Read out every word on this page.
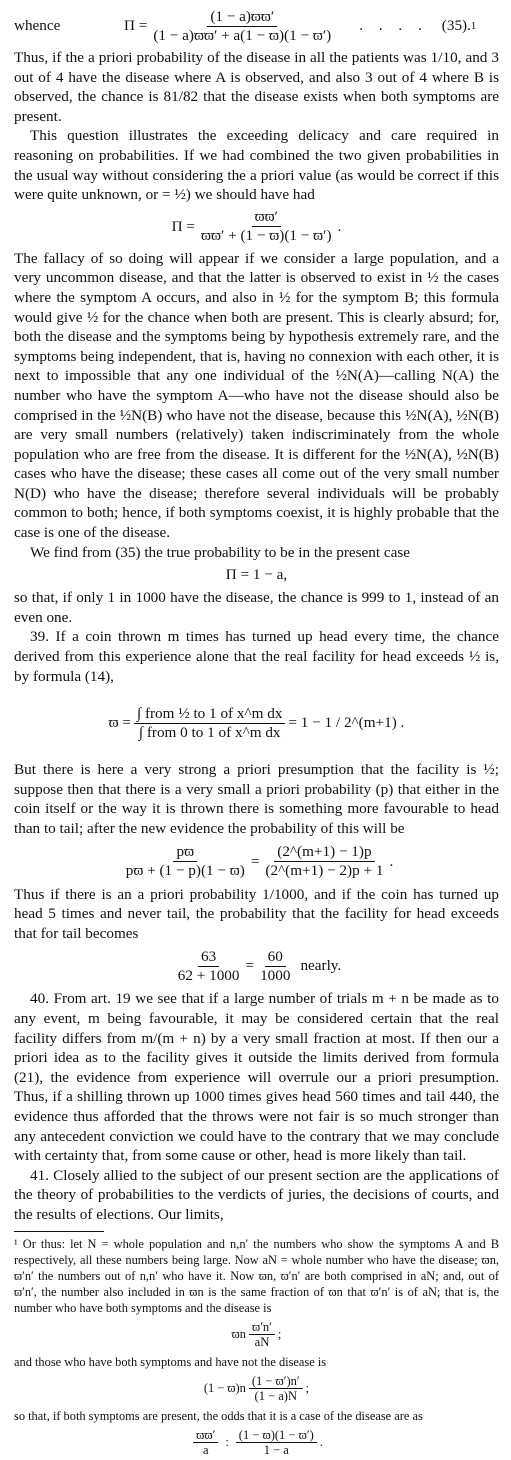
whence	$\Pi = \frac{(1 - a)ϖϖ'}{(1 - a)ϖϖ' + a(1 - ϖ)(1 - ϖ')}$ . . . . (35). 1

Thus, if the a priori probability of the disease in all the patients was 1/10, and 3 out of 4 have the disease where A is observed, and also 3 out of 4 where B is observed, the chance is 81/82 that the disease exists when both symptoms are present.

This question illustrates the exceeding delicacy and care required in reasoning on probabilities. If we had combined the two given probabilities in the usual way without considering the a priori value (as would be correct if this were quite unknown, or = ½) we should have had

$\Pi = \frac{ϖϖ'}{ϖϖ' + (1 - ϖ)(1 - ϖ')}$ .

The fallacy of so doing will appear if we consider a large population, and a very uncommon disease, and that the latter is observed to exist in ½ the cases where the symptom A occurs, and also in ½ for the symptom B; this formula would give ½ for the chance when both are present. This is clearly absurd; for, both the disease and the symptoms being by hypothesis extremely rare, and the symptoms being independent, that is, having no connexion with each other, it is next to impossible that any one individual of the ½N(A)—calling N(A) the number who have the symptom A—who have not the disease should also be comprised in the ½N(B) who have not the disease, because this ½N(A), ½N(B) are very small numbers (relatively) taken indiscriminately from the whole population who are free from the disease. It is different for the ½N(A), ½N(B) cases who have the disease; these cases all come out of the very small number N(D) who have the disease; therefore several individuals will be probably common to both; hence, if both symptoms coexist, it is highly probable that the case is one of the disease.

We find from (35) the true probability to be in the present case

Π = 1 − a,

so that, if only 1 in 1000 have the disease, the chance is 999 to 1, instead of an even one.

39. If a coin thrown m times has turned up head every time, the chance derived from this experience alone that the real facility for head exceeds ½ is, by formula (14),

$ϖ = \frac{\text{∫ from ½ to 1 of x\textasciicircum{}m dx}}{\text{∫ from 0 to 1 of x\textasciicircum{}m dx}} = 1 - 1$ / 2^(m+1) .

But there is here a very strong a priori presumption that the facility is ½; suppose then that there is a very small a priori probability (p) that either in the coin itself or the way it is thrown there is something more favourable to head than to tail; after the new evidence the probability of this will be

$\frac{pϖ}{pϖ + (1 - p)(1 - ϖ)} = \frac{(2\^{}(m+1) - 1)p}{(2\^{}(m+1) - 2)p + 1}$ .

Thus if there is an a priori probability 1/1000, and if the coin has turned up head 5 times and never tail, the probability that the facility for head exceeds that for tail becomes

$\frac{63}{62 + 1000} = \frac{60}{1000}$ nearly.

40. From art. 19 we see that if a large number of trials m + n be made as to any event, m being favourable, it may be considered certain that the real facility differs from m/(m + n) by a very small fraction at most. If then our a priori idea as to the facility gives it outside the limits derived from formula (21), the evidence from experience will overrule our a priori presumption. Thus, if a shilling thrown up 1000 times gives head 560 times and tail 440, the evidence thus afforded that the throws were not fair is so much stronger than any antecedent conviction we could have to the contrary that we may conclude with certainty that, from some cause or other, head is more likely than tail.

41. Closely allied to the subject of our present section are the applications of the theory of probabilities to the verdicts of juries, the decisions of courts, and the results of elections. Our limits,

¹ Or thus: let N = whole population and n,n′ the numbers who show the symptoms A and B respectively, all these numbers being large. Now aN = whole number who have the disease; ϖn, ϖ′n′ the numbers out of n,n′ who have it. Now ϖn, ϖ′n′ are both comprised in aN; and, out of ϖ′n′, the number also included in ϖn is the same fraction of ϖn that ϖ′n′ is of aN; that is, the number who have both symptoms and the disease is

ϖn $\frac{ϖ'n'}{aN}$ ;

and those who have both symptoms and have not the disease is

$(1 - ϖ)n \frac{(1 - ϖ')n'}{(1 - a)N}$ ;

so that, if both symptoms are present, the odds that it is a case of the disease are as

$\frac{ϖϖ'}{a}$ : $\frac{(1 - ϖ)(1 - ϖ')}{1 - a}$ .
